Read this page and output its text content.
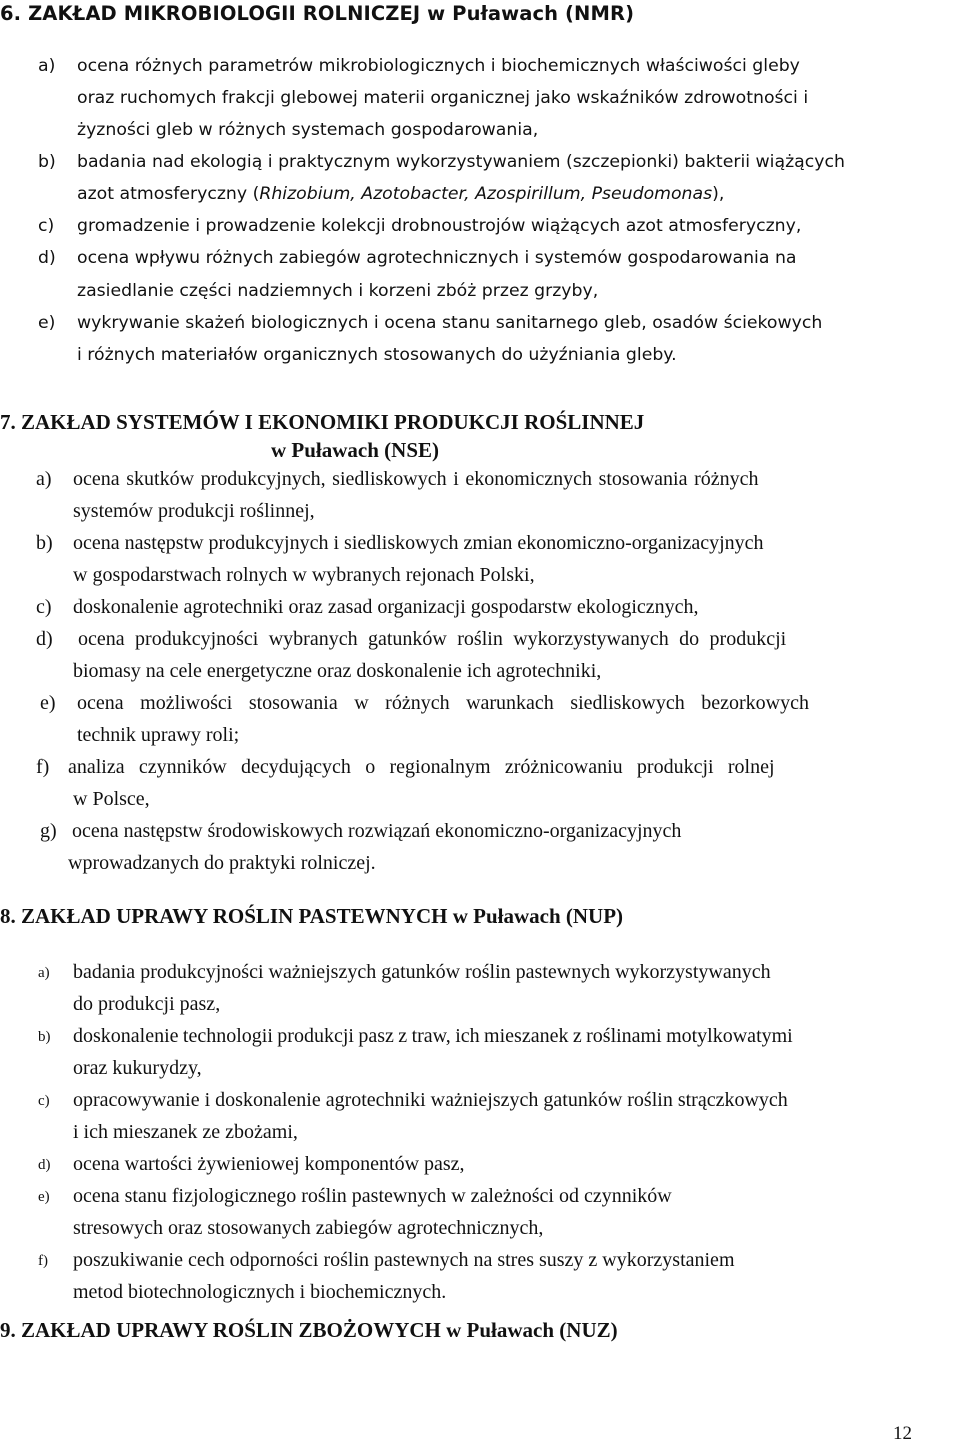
6. ZAKŁAD MIKROBIOLOGII ROLNICZEJ w Puławach (NMR)
a) ocena różnych parametrów mikrobiologicznych i biochemicznych właściwości gleby
oraz ruchomych frakcji glebowej materii organicznej jako wskaźników zdrowotności i
żyzności gleb w różnych systemach gospodarowania,
b) badania nad ekologią i praktycznym wykorzystywaniem (szczepionki) bakterii wiążących
azot atmosferyczny (Rhizobium, Azotobacter, Azospirillum, Pseudomonas),
c) gromadzenie i prowadzenie kolekcji drobnoustrojów wiążących azot atmosferyczny,
d) ocena wpływu różnych zabiegów agrotechnicznych i systemów gospodarowania na
zasiedlanie części nadziemnych i korzeni zbóż przez grzyby,
e) wykrywanie skażeń biologicznych i ocena stanu sanitarnego gleb, osadów ściekowych
i różnych materiałów organicznych stosowanych do użyźniania gleby.
7. ZAKŁAD SYSTEMÓW I EKONOMIKI PRODUKCJI ROŚLINNEJ
w Puławach (NSE)
a) ocena skutków produkcyjnych, siedliskowych i ekonomicznych stosowania różnych
systemów produkcji roślinnej,
b) ocena następstw produkcyjnych i siedliskowych zmian ekonomiczno-organizacyjnych
w gospodarstwach rolnych w wybranych rejonach Polski,
c) doskonalenie agrotechniki oraz zasad organizacji gospodarstw ekologicznych,
d) ocena produkcyjności wybranych gatunków roślin wykorzystywanych do produkcji
biomasy na cele energetyczne oraz doskonalenie ich agrotechniki,
e) ocena możliwości stosowania w różnych warunkach siedliskowych bezorkowych
technik uprawy roli;
f) analiza czynników decydujących o regionalnym zróżnicowaniu produkcji rolnej
w Polsce,
g) ocena następstw środowiskowych rozwiązań ekonomiczno-organizacyjnych
wprowadzanych do praktyki rolniczej.
8. ZAKŁAD UPRAWY ROŚLIN PASTEWNYCH w Puławach (NUP)
a) badania produkcyjności ważniejszych gatunków roślin pastewnych wykorzystywanych
do produkcji pasz,
b) doskonalenie technologii produkcji pasz z traw, ich mieszanek z roślinami motylkowatymi
oraz kukurydzy,
c) opracowywanie i doskonalenie agrotechniki ważniejszych gatunków roślin strączkowych
i ich mieszanek ze zbożami,
d) ocena wartości żywieniowej komponentów pasz,
e) ocena stanu fizjologicznego roślin pastewnych w zależności od czynników
stresowych oraz stosowanych zabiegów agrotechnicznych,
f) poszukiwanie cech odporności roślin pastewnych na stres suszy z wykorzystaniem
metod biotechnologicznych i biochemicznych.
9. ZAKŁAD UPRAWY ROŚLIN ZBOŻOWYCH w Puławach (NUZ)
12
